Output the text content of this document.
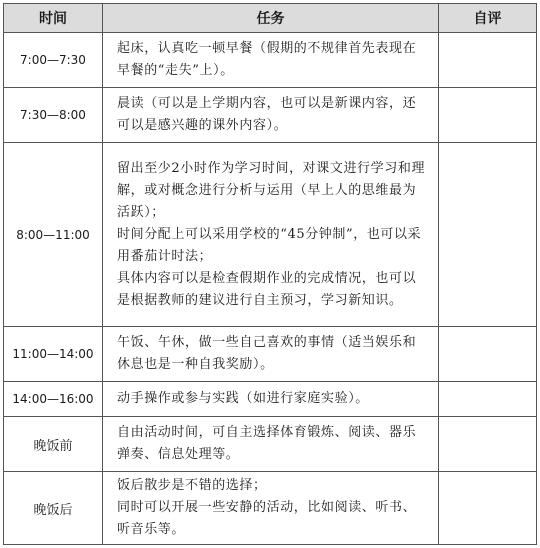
时间	任务	自评
7:00—7:30	起床，认真吃一顿早餐（假期的不规律首先表现在早餐的“走失”上）。	

7:30—8:00	晨读（可以是上学期内容，也可以是新课内容，还可以是感兴趣的课外内容）。	

8:00—11:00	留出至少2小时作为学习时间，对课文进行学习和理解，或对概念进行分析与运用（早上人的思维最为活跃）；
时间分配上可以采用学校的“45分钟制”，也可以采用番茄计时法；
具体内容可以是检查假期作业的完成情况，也可以是根据教师的建议进行自主预习，学习新知识。	

11:00—14:00	午饭、午休，做一些自己喜欢的事情（适当娱乐和休息也是一种自我奖励）。	

14:00—16:00	动手操作或参与实践（如进行家庭实验）。	

晚饭前	自由活动时间，可自主选择体育锻炼、阅读、器乐弹奏、信息处理等。	

晚饭后	饭后散步是不错的选择；
同时可以开展一些安静的活动，比如阅读、听书、听音乐等。	
